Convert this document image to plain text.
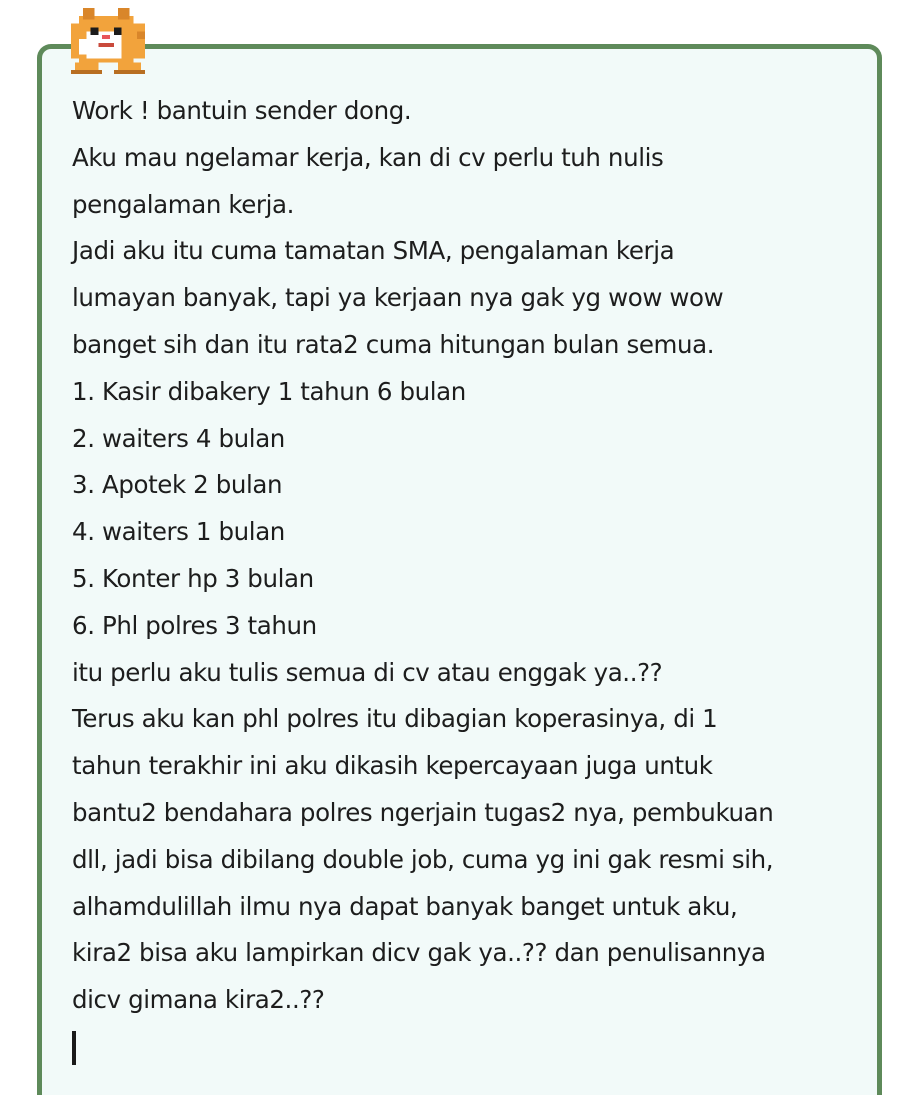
Work ! bantuin sender dong.
Aku mau ngelamar kerja, kan di cv perlu tuh nulis
pengalaman kerja.
Jadi aku itu cuma tamatan SMA, pengalaman kerja
lumayan banyak, tapi ya kerjaan nya gak yg wow wow
banget sih dan itu rata2 cuma hitungan bulan semua.
1. Kasir dibakery 1 tahun 6 bulan
2. waiters 4 bulan
3. Apotek 2 bulan
4. waiters 1 bulan
5. Konter hp 3 bulan
6. Phl polres 3 tahun
itu perlu aku tulis semua di cv atau enggak ya..??
Terus aku kan phl polres itu dibagian koperasinya, di 1
tahun terakhir ini aku dikasih kepercayaan juga untuk
bantu2 bendahara polres ngerjain tugas2 nya, pembukuan
dll, jadi bisa dibilang double job, cuma yg ini gak resmi sih,
alhamdulillah ilmu nya dapat banyak banget untuk aku,
kira2 bisa aku lampirkan dicv gak ya..?? dan penulisannya
dicv gimana kira2..??
